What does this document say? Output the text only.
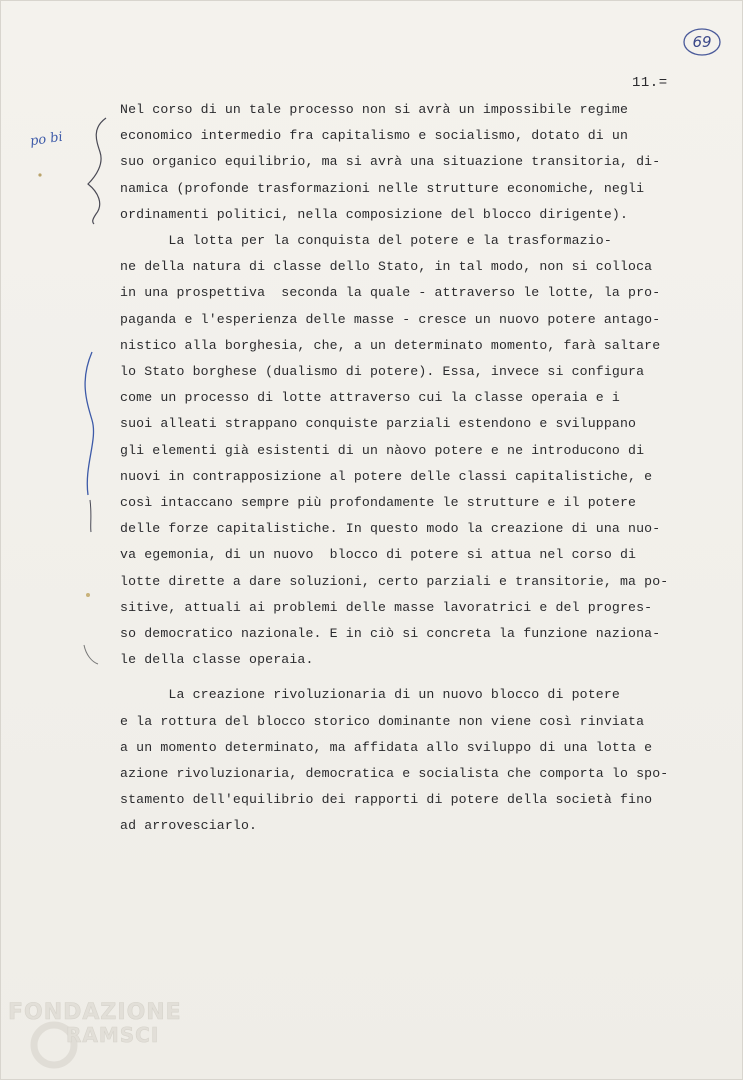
69
11.=
po bi

Nel corso di un tale processo non si avrà un impossibile regime

economico intermedio fra capitalismo e socialismo, dotato di un

suo organico equilibrio, ma si avrà una situazione transitoria, di-

namica (profonde trasformazioni nelle strutture economiche, negli

ordinamenti politici, nella composizione del blocco dirigente).

La lotta per la conquista del potere e la trasformazio-

ne della natura di classe dello Stato, in tal modo, non si colloca

in una prospettiva  seconda la quale - attraverso le lotte, la pro-

paganda e l'esperienza delle masse - cresce un nuovo potere antago-

nistico alla borghesia, che, a un determinato momento, farà saltare

lo Stato borghese (dualismo di potere). Essa, invece si configura

come un processo di lotte attraverso cui la classe operaia e i

suoi alleati strappano conquiste parziali estendono e sviluppano

gli elementi già esistenti di un nàovo potere e ne introducono di

nuovi in contrapposizione al potere delle classi capitalistiche, e

così intaccano sempre più profondamente le strutture e il potere

delle forze capitalistiche. In questo modo la creazione di una nuo-

va egemonia, di un nuovo  blocco di potere si attua nel corso di

lotte dirette a dare soluzioni, certo parziali e transitorie, ma po-

sitive, attuali ai problemi delle masse lavoratrici e del progres-

so democratico nazionale. E in ciò si concreta la funzione naziona-

le della classe operaia.

La creazione rivoluzionaria di un nuovo blocco di potere

e la rottura del blocco storico dominante non viene così rinviata

a un momento determinato, ma affidata allo sviluppo di una lotta e

azione rivoluzionaria, democratica e socialista che comporta lo spo-

stamento dell'equilibrio dei rapporti di potere della società fino

ad arrovesciarlo.

FONDAZIONE
RAMSCI
